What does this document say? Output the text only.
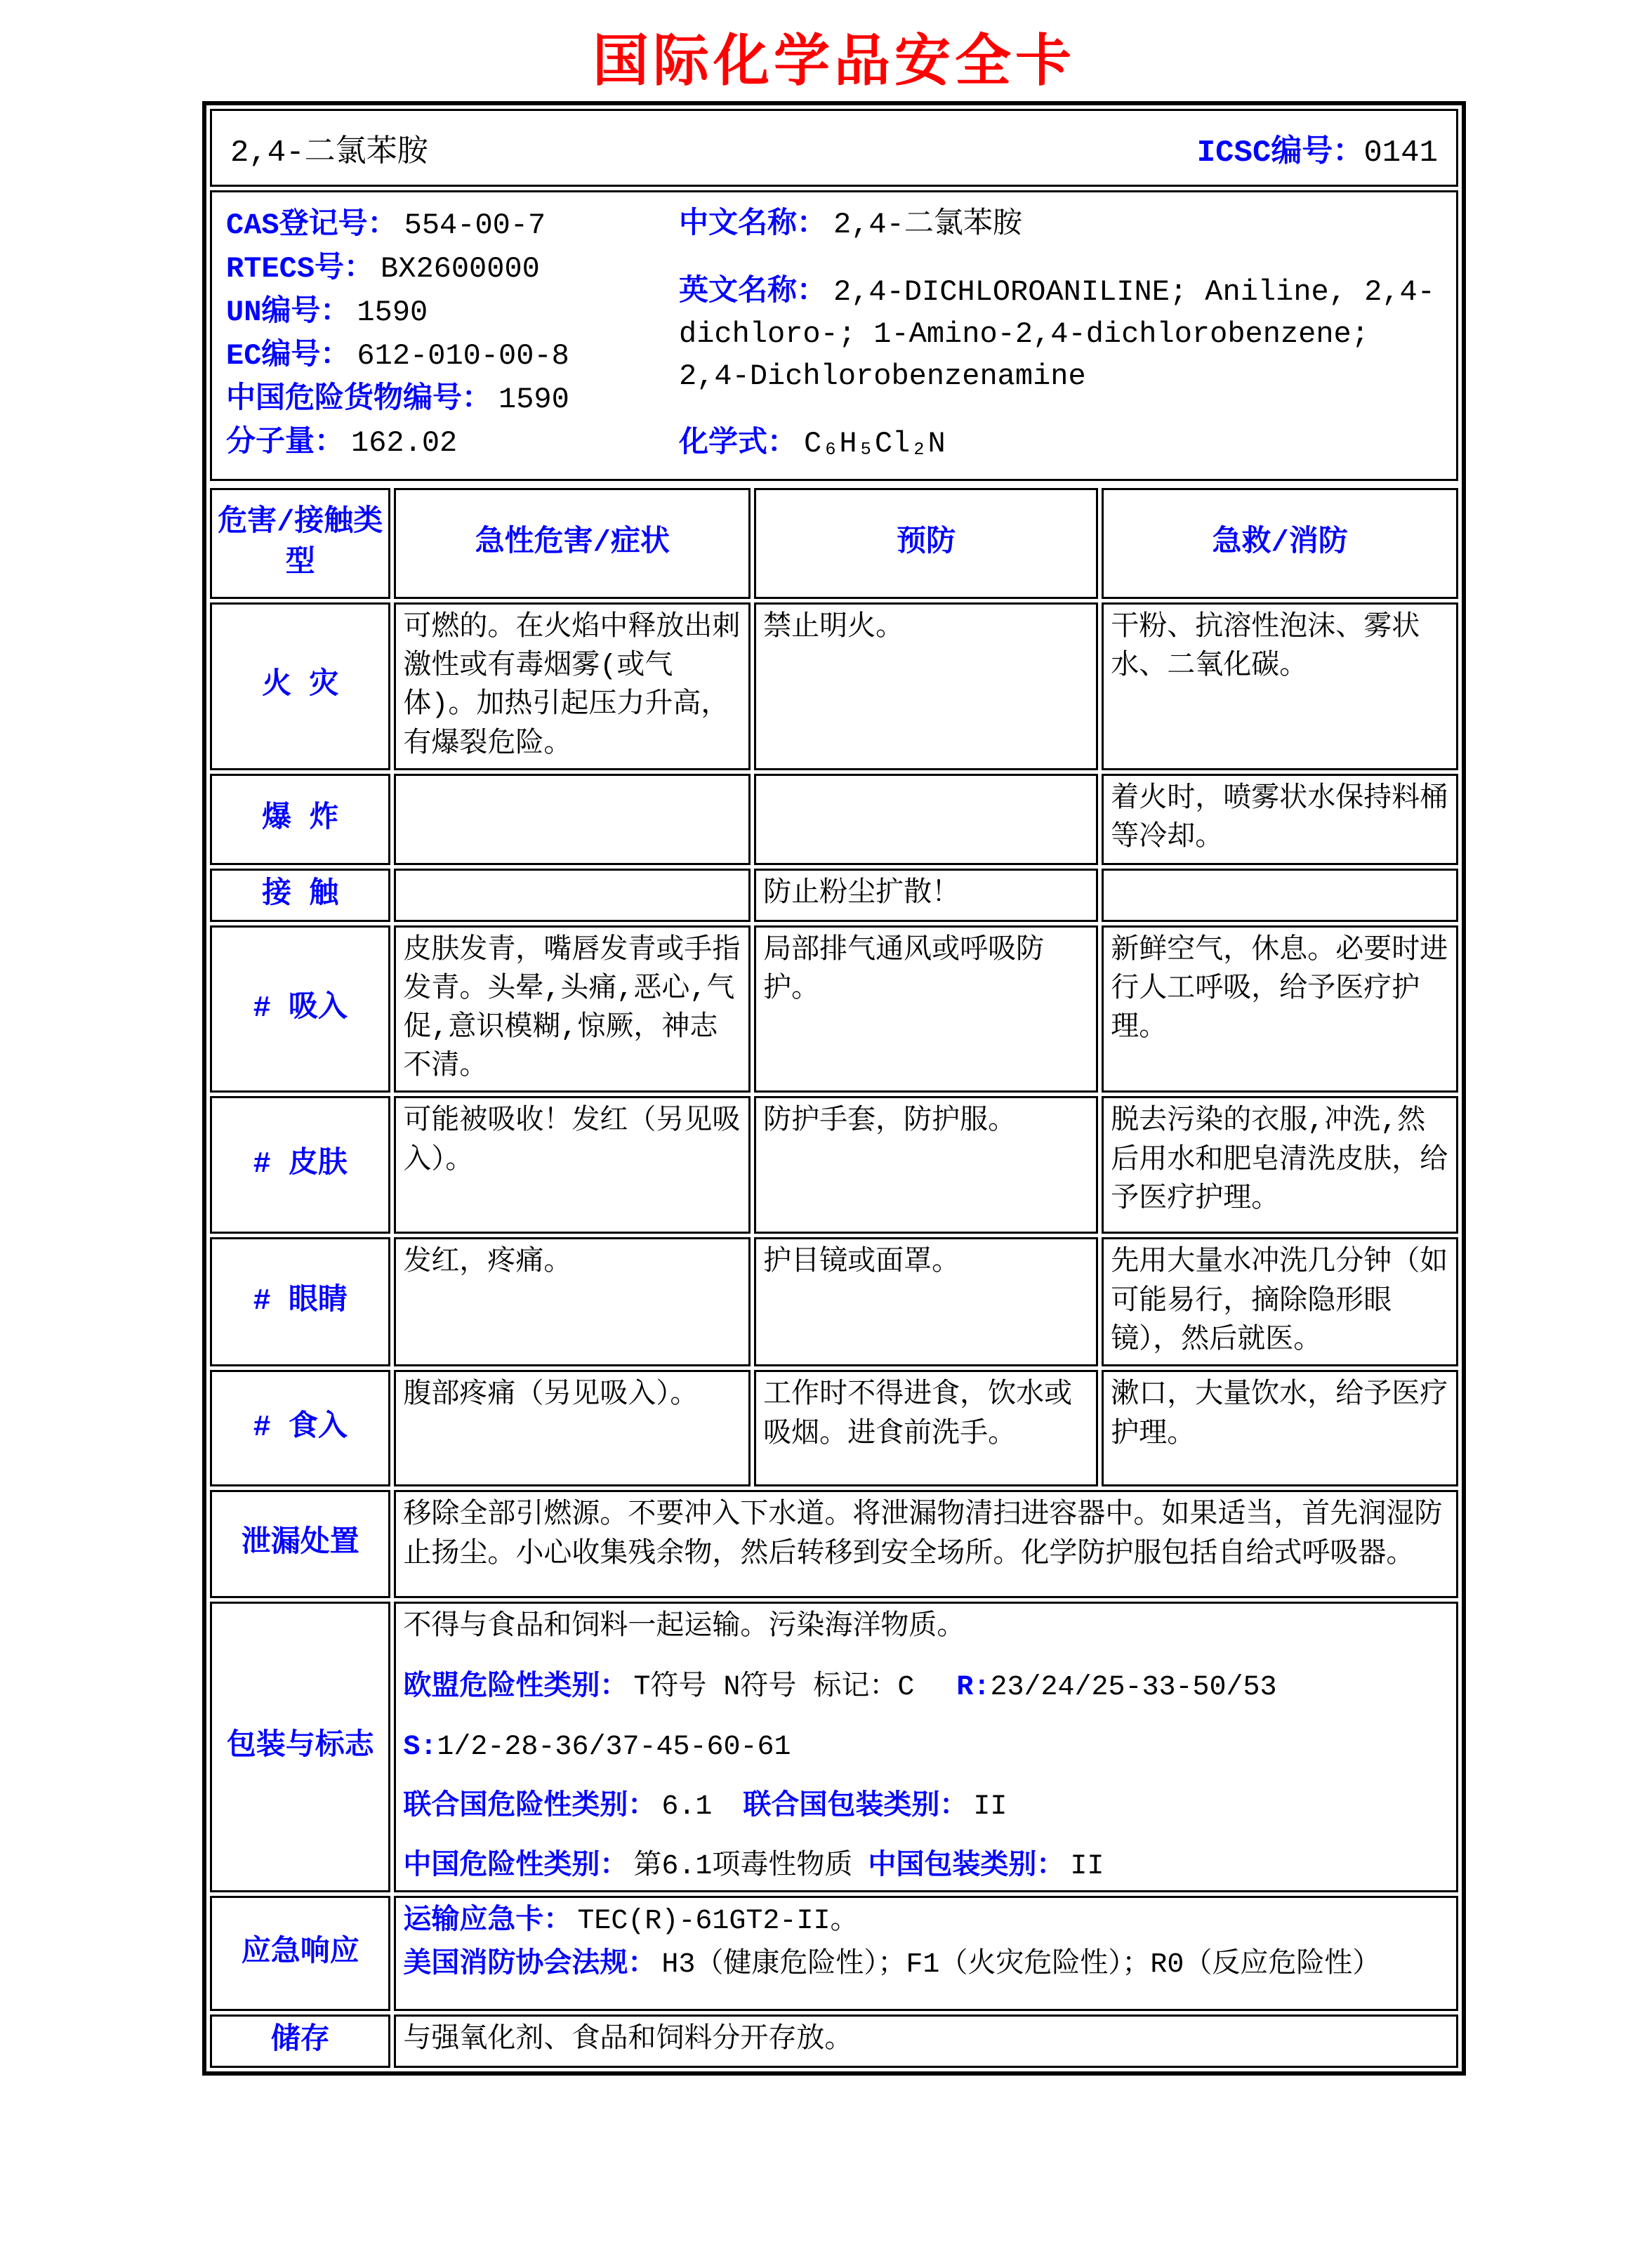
国际化学品安全卡
2,4-二氯苯胺	ICSC编号：0141
CAS登记号： 554-00-7
RTECS号： BX2600000
UN编号： 1590
EC编号： 612-010-00-8
中国危险货物编号： 1590
分子量： 162.02
中文名称： 2,4-二氯苯胺
英文名称： 2,4-DICHLOROANILINE; Aniline, 2,4-dichloro-; 1-Amino-2,4-dichlorobenzene; 2,4-Dichlorobenzenamine
化学式： C₆H₅Cl₂N
危害/接触类型	急性危害/症状	预防	急救/消防
火 灾	可燃的。在火焰中释放出刺激性或有毒烟雾(或气体)。加热引起压力升高，有爆裂危险。	禁止明火。	干粉、抗溶性泡沫、雾状水、二氧化碳。
爆 炸			着火时，喷雾状水保持料桶等冷却。
接 触		防止粉尘扩散！	
# 吸入	皮肤发青，嘴唇发青或手指发青。头晕,头痛,恶心,气促,意识模糊,惊厥，神志不清。	局部排气通风或呼吸防护。	新鲜空气，休息。必要时进行人工呼吸，给予医疗护理。
# 皮肤	可能被吸收！发红（另见吸入）。	防护手套，防护服。	脱去污染的衣服,冲洗,然后用水和肥皂清洗皮肤，给予医疗护理。
# 眼睛	发红，疼痛。	护目镜或面罩。	先用大量水冲洗几分钟（如可能易行，摘除隐形眼镜），然后就医。
# 食入	腹部疼痛（另见吸入）。	工作时不得进食，饮水或吸烟。进食前洗手。	漱口，大量饮水，给予医疗护理。
泄漏处置	移除全部引燃源。不要冲入下水道。将泄漏物清扫进容器中。如果适当，首先润湿防止扬尘。小心收集残余物，然后转移到安全场所。化学防护服包括自给式呼吸器。		
包装与标志	不得与食品和饲料一起运输。污染海洋物质。

欧盟危险性类别： T符号 N符号 标记：C R:23/24/25-33-50/53

S:1/2-28-36/37-45-60-61

联合国危险性类别： 6.1 联合国包装类别： II

中国危险性类别： 第6.1项毒性物质 中国包装类别： II		

应急响应	运输应急卡： TEC(R)-61GT2-II。

美国消防协会法规： H3（健康危险性）；F1（火灾危险性）；R0（反应危险性）		

储存	与强氧化剂、食品和饲料分开存放。		
